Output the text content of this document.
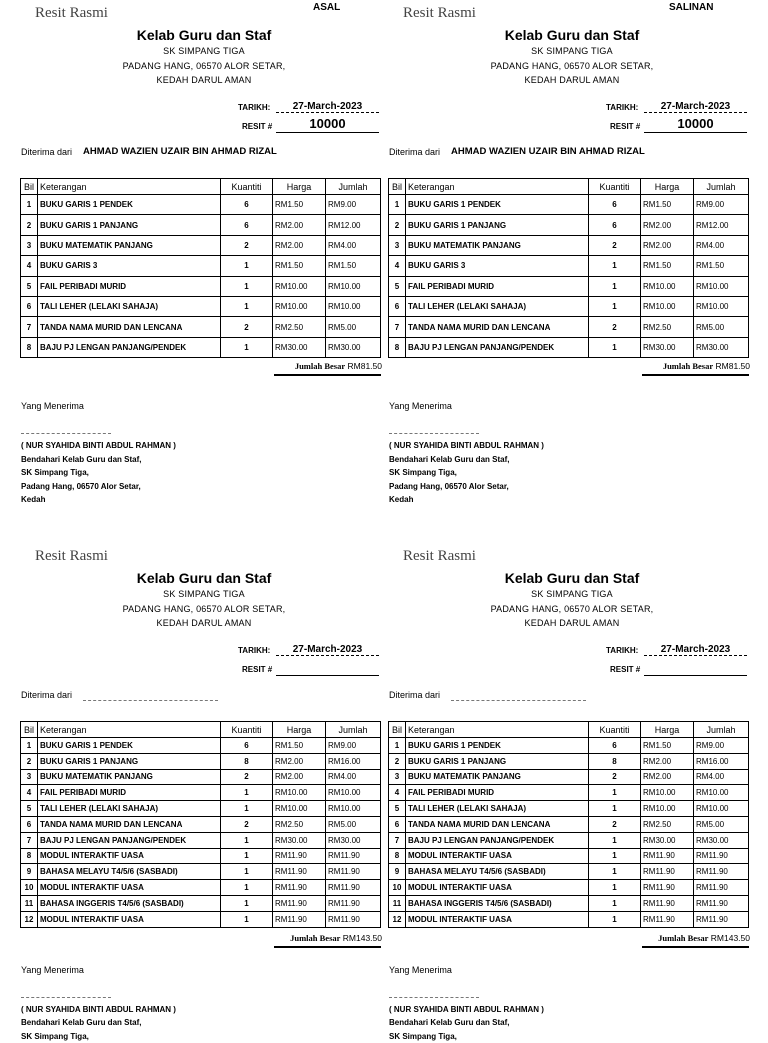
Resit Rasmi	ASAL
Kelab Guru dan Staf
SK SIMPANG TIGA
PADANG HANG, 06570 ALOR SETAR,
KEDAH DARUL AMAN
TARIKH:	27-March-2023
RESIT #	10000
Diterima dari AHMAD WAZIEN UZAIR BIN AHMAD RIZAL
Bil	Keterangan	Kuantiti	Harga	Jumlah
1	BUKU GARIS 1 PENDEK	6	RM1.50	RM9.00
2	BUKU GARIS 1 PANJANG	6	RM2.00	RM12.00
3	BUKU MATEMATIK PANJANG	2	RM2.00	RM4.00
4	BUKU GARIS 3	1	RM1.50	RM1.50
5	FAIL PERIBADI MURID	1	RM10.00	RM10.00
6	TALI LEHER (LELAKI SAHAJA)	1	RM10.00	RM10.00
7	TANDA NAMA MURID DAN LENCANA	2	RM2.50	RM5.00
8	BAJU PJ LENGAN PANJANG/PENDEK	1	RM30.00	RM30.00
Jumlah Besar RM81.50
Yang Menerima
( NUR SYAHIDA BINTI ABDUL RAHMAN )
Bendahari Kelab Guru dan Staf,
SK Simpang Tiga,
Padang Hang, 06570 Alor Setar,
Kedah
Resit Rasmi	SALINAN
Kelab Guru dan Staf
SK SIMPANG TIGA
PADANG HANG, 06570 ALOR SETAR,
KEDAH DARUL AMAN
TARIKH:	27-March-2023
RESIT #	10000
Diterima dari AHMAD WAZIEN UZAIR BIN AHMAD RIZAL
Bil	Keterangan	Kuantiti	Harga	Jumlah
1	BUKU GARIS 1 PENDEK	6	RM1.50	RM9.00
2	BUKU GARIS 1 PANJANG	6	RM2.00	RM12.00
3	BUKU MATEMATIK PANJANG	2	RM2.00	RM4.00
4	BUKU GARIS 3	1	RM1.50	RM1.50
5	FAIL PERIBADI MURID	1	RM10.00	RM10.00
6	TALI LEHER (LELAKI SAHAJA)	1	RM10.00	RM10.00
7	TANDA NAMA MURID DAN LENCANA	2	RM2.50	RM5.00
8	BAJU PJ LENGAN PANJANG/PENDEK	1	RM30.00	RM30.00
Jumlah Besar RM81.50
Yang Menerima
( NUR SYAHIDA BINTI ABDUL RAHMAN )
Bendahari Kelab Guru dan Staf,
SK Simpang Tiga,
Padang Hang, 06570 Alor Setar,
Kedah
Resit Rasmi
Kelab Guru dan Staf
SK SIMPANG TIGA
PADANG HANG, 06570 ALOR SETAR,
KEDAH DARUL AMAN
TARIKH:	27-March-2023
RESIT #
Diterima dari
Bil	Keterangan	Kuantiti	Harga	Jumlah
1	BUKU GARIS 1 PENDEK	6	RM1.50	RM9.00
2	BUKU GARIS 1 PANJANG	8	RM2.00	RM16.00
3	BUKU MATEMATIK PANJANG	2	RM2.00	RM4.00
4	FAIL PERIBADI MURID	1	RM10.00	RM10.00
5	TALI LEHER (LELAKI SAHAJA)	1	RM10.00	RM10.00
6	TANDA NAMA MURID DAN LENCANA	2	RM2.50	RM5.00
7	BAJU PJ LENGAN PANJANG/PENDEK	1	RM30.00	RM30.00
8	MODUL INTERAKTIF UASA	1	RM11.90	RM11.90
9	BAHASA MELAYU T4/5/6 (SASBADI)	1	RM11.90	RM11.90
10	MODUL INTERAKTIF UASA	1	RM11.90	RM11.90
11	BAHASA INGGERIS T4/5/6 (SASBADI)	1	RM11.90	RM11.90
12	MODUL INTERAKTIF UASA	1	RM11.90	RM11.90
Jumlah Besar RM143.50
Yang Menerima
( NUR SYAHIDA BINTI ABDUL RAHMAN )
Bendahari Kelab Guru dan Staf,
SK Simpang Tiga,
Resit Rasmi
Kelab Guru dan Staf
SK SIMPANG TIGA
PADANG HANG, 06570 ALOR SETAR,
KEDAH DARUL AMAN
TARIKH:	27-March-2023
RESIT #
Diterima dari
Bil	Keterangan	Kuantiti	Harga	Jumlah
1	BUKU GARIS 1 PENDEK	6	RM1.50	RM9.00
2	BUKU GARIS 1 PANJANG	8	RM2.00	RM16.00
3	BUKU MATEMATIK PANJANG	2	RM2.00	RM4.00
4	FAIL PERIBADI MURID	1	RM10.00	RM10.00
5	TALI LEHER (LELAKI SAHAJA)	1	RM10.00	RM10.00
6	TANDA NAMA MURID DAN LENCANA	2	RM2.50	RM5.00
7	BAJU PJ LENGAN PANJANG/PENDEK	1	RM30.00	RM30.00
8	MODUL INTERAKTIF UASA	1	RM11.90	RM11.90
9	BAHASA MELAYU T4/5/6 (SASBADI)	1	RM11.90	RM11.90
10	MODUL INTERAKTIF UASA	1	RM11.90	RM11.90
11	BAHASA INGGERIS T4/5/6 (SASBADI)	1	RM11.90	RM11.90
12	MODUL INTERAKTIF UASA	1	RM11.90	RM11.90
Jumlah Besar RM143.50
Yang Menerima
( NUR SYAHIDA BINTI ABDUL RAHMAN )
Bendahari Kelab Guru dan Staf,
SK Simpang Tiga,
